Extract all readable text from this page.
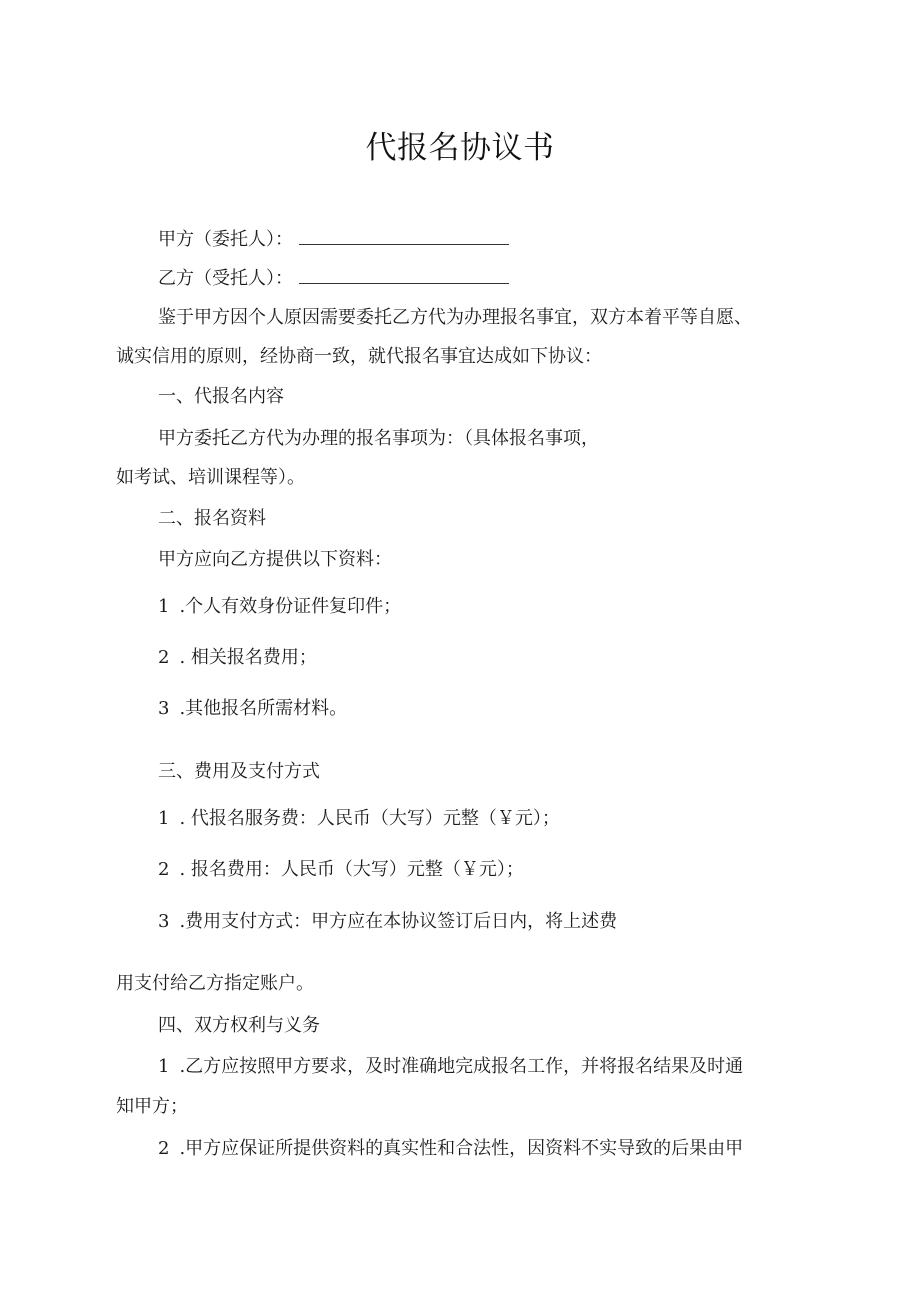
代报名协议书
甲方（委托人）：
乙方（受托人）：
鉴于甲方因个人原因需要委托乙方代为办理报名事宜，双方本着平等自愿、
诚实信用的原则，经协商一致，就代报名事宜达成如下协议：
一、代报名内容
甲方委托乙方代为办理的报名事项为：（具体报名事项，
如考试、培训课程等）。
二、报名资料
甲方应向乙方提供以下资料：
1 .个人有效身份证件复印件；
2 . 相关报名费用；
3 .其他报名所需材料。
三、费用及支付方式
1 . 代报名服务费：人民币（大写）元整（￥元）；
2 . 报名费用：人民币（大写）元整（￥元）；
3 .费用支付方式：甲方应在本协议签订后日内，将上述费
用支付给乙方指定账户。
四、双方权利与义务
1 .乙方应按照甲方要求，及时准确地完成报名工作，并将报名结果及时通
知甲方；
2 .甲方应保证所提供资料的真实性和合法性，因资料不实导致的后果由甲
